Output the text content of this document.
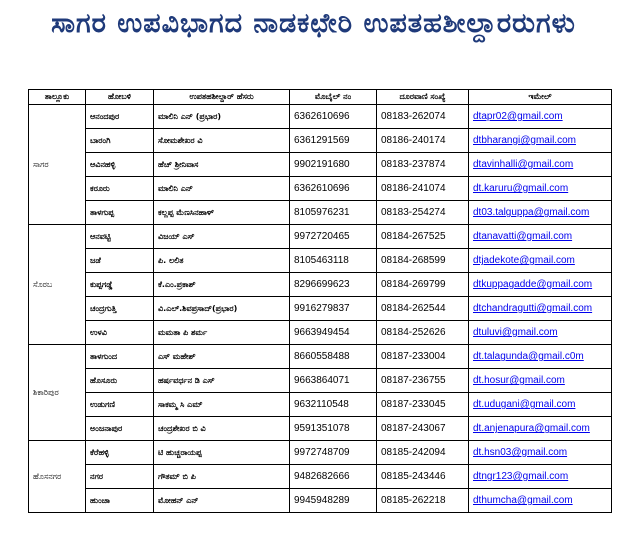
ಸಾಗರ ಉಪವಿಭಾಗದ ನಾಡಕಛೇರಿ ಉಪತಹಶೀಲ್ದಾರರುಗಳು
ತಾಲ್ಲೂಕು	ಹೋಬಳಿ	ಉಪತಹಶೀಲ್ದಾರ್ ಹೆಸರು	ಮೊಬೈಲ್ ನಂ	ದೂರವಾಣಿ ಸಂಖ್ಯೆ	ಇಮೇಲ್
ಸಾಗರ	ಆನಂದಪುರ	ಮಾಲಿನಿ ಎನ್ (ಪ್ರಭಾರ)	6362610696	08183-262074	dtapr02@gmail.com
	ಬಾರಂಗಿ	ಸೋಮಶೇಖರ ವಿ	6361291569	08186-240174	dtbharangi@gmail.com
	ಆವಿನಹಳ್ಳಿ	ಹೆಚ್ ಶ್ರೀನಿವಾಸ	9902191680	08183-237874	dtavinhalli@gmail.com
	ಕರೂರು	ಮಾಲಿನಿ ಎನ್	6362610696	08186-241074	dt.karuru@gmail.com
	ತಾಳಗುಪ್ಪ	ಕಲ್ಲಪ್ಪ ಮೆಣಸಿನಹಾಳ್	8105976231	08183-254274	dt03.talguppa@gmail.com
ಸೊರಬ	ಆನವಟ್ಟಿ	ವಿಜಯ್ ಎಸ್	9972720465	08184-267525	dtanavatti@gmail.com
	ಜಡೆ	ಪಿ. ಲಲಿತ	8105463118	08184-268599	dtjadekote@gmail.com
	ಕುಪ್ಪಗಡ್ಡೆ	ಕೆ.ಎಂ.ಪ್ರಕಾಶ್	8296699623	08184-269799	dtkuppagadde@gmail.com
	ಚಂದ್ರಗುತ್ತಿ	ವಿ.ಎಲ್.ಶಿವಪ್ರಸಾದ್(ಪ್ರಭಾರ)	9916279837	08184-262544	dtchandragutti@gmail.com
	ಉಳವಿ	ಮಮತಾ ಪಿ ಶರ್ಮ	9663949454	08184-252626	dtuluvi@gmail.com
ಶಿಕಾರಿಪುರ	ತಾಳಗುಂದ	ಎಸ್ ಮಹೇಶ್	8660558488	08187-233004	dt.talagunda@gmail.c0m
	ಹೊಸೂರು	ಹರ್ಷವರ್ಧನ ಡಿ ಎಸ್	9663864071	08187-236755	dt.hosur@gmail.com
	ಉಡುಗಣಿ	ಸಾಕಮ್ಮ ಸಿ ಎಮ್	9632110548	08187-233045	dt.udugani@gmail.com
	ಅಂಜನಾಪುರ	ಚಂದ್ರಶೇಖರ ಬಿ ವಿ	9591351078	08187-243067	dt.anjenapura@gmail.com
ಹೊಸನಗರ	ಕೆರೆಹಳ್ಳಿ	ಟಿ ಹುಚ್ಚರಾಯಪ್ಪ	9972748709	08185-242094	dt.hsn03@gmail.com
	ನಗರ	ಗೌತಮ್ ಬಿ ಪಿ	9482682666	08185-243446	dtngr123@gmail.com
	ಹುಂಚಾ	ಮೋಹನ್ ಎನ್	9945948289	08185-262218	dthumcha@gmail.com
